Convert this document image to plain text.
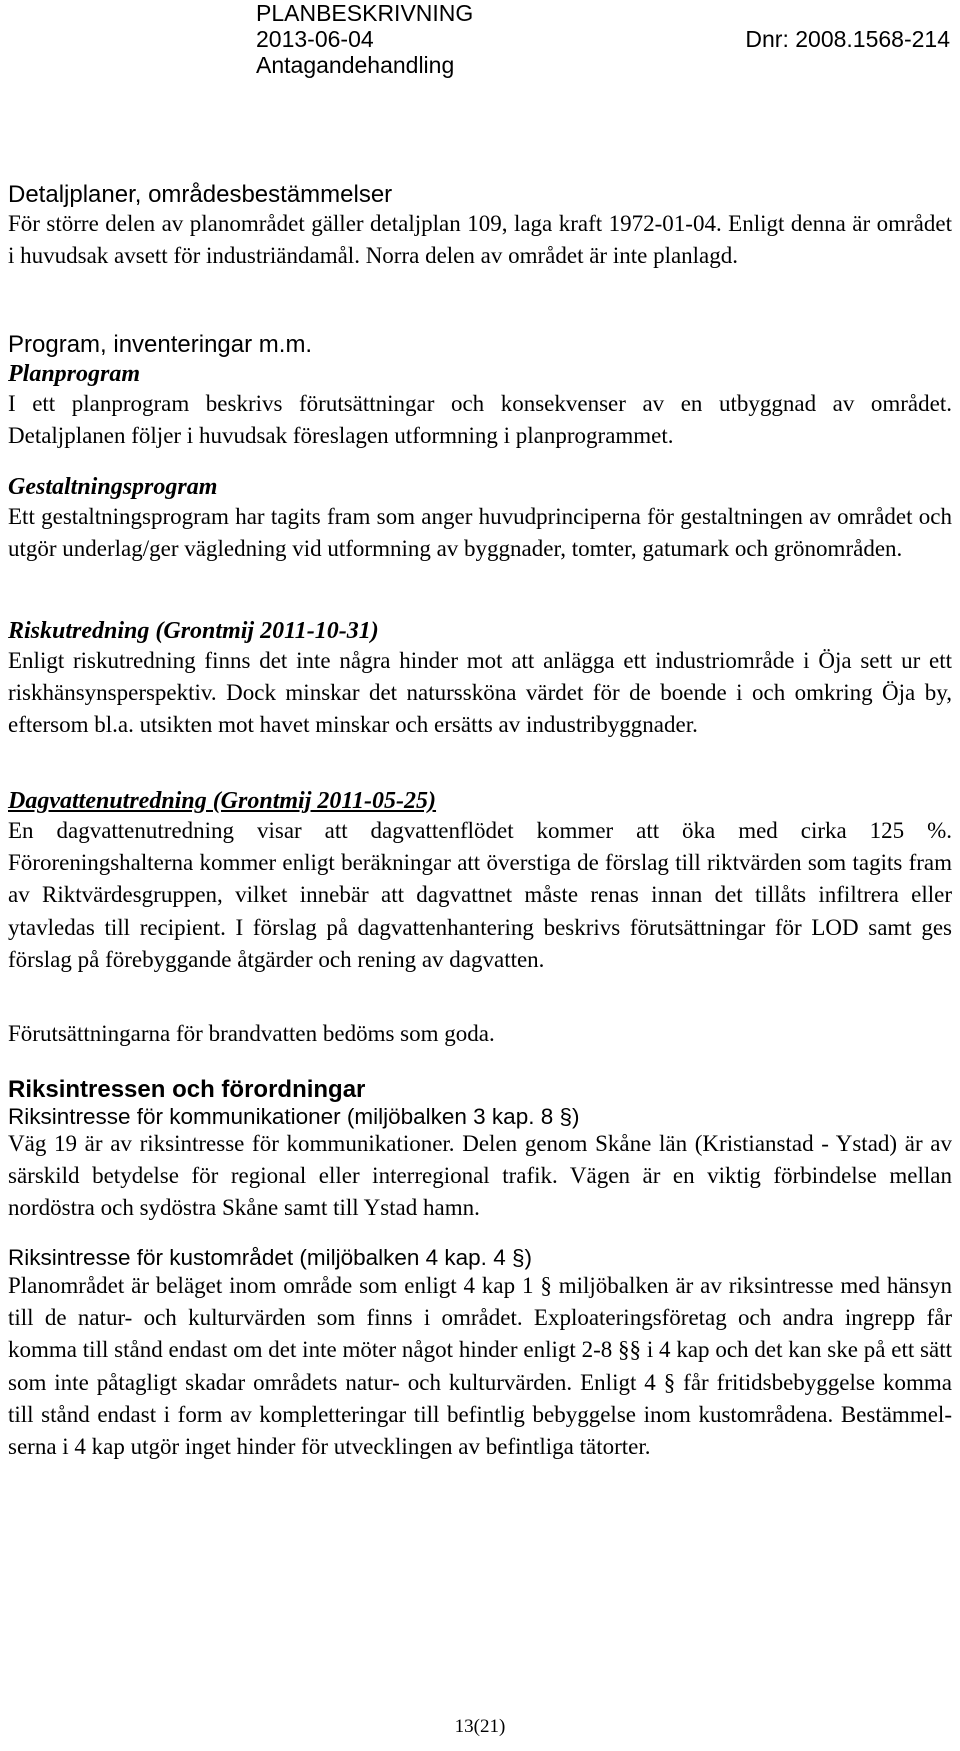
PLANBESKRIVNING
2013-06-04	Dnr: 2008.1568-214
Antagandehandling
Detaljplaner, områdesbestämmelser
För större delen av planområdet gäller detaljplan 109, laga kraft 1972-01-04. Enligt denna är området i huvudsak avsett för industriändamål. Norra delen av området är inte planlagd.
Program, inventeringar m.m.
Planprogram
I ett planprogram beskrivs förutsättningar och konsekvenser av en utbyggnad av området. Detaljplanen följer i huvudsak föreslagen utformning i planprogrammet.
Gestaltningsprogram
Ett gestaltningsprogram har tagits fram som anger huvudprinciperna för gestaltningen av området och utgör underlag/ger vägledning vid utformning av byggnader, tomter, gatumark och grönområden.
Riskutredning (Grontmij 2011-10-31)
Enligt riskutredning finns det inte några hinder mot att anlägga ett industriområde i Öja sett ur ett riskhänsynsperspektiv. Dock minskar det naturssköna värdet för de boende i och omkring Öja by, eftersom bl.a. utsikten mot havet minskar och ersätts av industribyggnader.
Dagvattenutredning (Grontmij 2011-05-25)
En dagvattenutredning visar att dagvattenflödet kommer att öka med cirka 125 %. Föroreningshalterna kommer enligt beräkningar att överstiga de förslag till riktvärden som tagits fram av Riktvärdesgruppen, vilket innebär att dagvattnet måste renas innan det tillåts infiltrera eller ytavledas till recipient. I förslag på dagvattenhantering beskrivs förutsättningar för LOD samt ges förslag på förebyggande åtgärder och rening av dagvatten.
Förutsättningarna för brandvatten bedöms som goda.
Riksintressen och förordningar
Riksintresse för kommunikationer (miljöbalken 3 kap. 8 §)
Väg 19 är av riksintresse för kommunikationer. Delen genom Skåne län (Kristianstad - Ystad) är av särskild betydelse för regional eller interregional trafik. Vägen är en viktig förbindelse mellan nordöstra och sydöstra Skåne samt till Ystad hamn.
Riksintresse för kustområdet (miljöbalken 4 kap. 4 §)
Planområdet är beläget inom område som enligt 4 kap 1 § miljöbalken är av riksintresse med hänsyn till de natur- och kulturvärden som finns i området. Exploateringsföretag och andra ingrepp får komma till stånd endast om det inte möter något hinder enligt 2-8 §§ i 4 kap och det kan ske på ett sätt som inte påtagligt skadar områdets natur- och kulturvärden. Enligt 4 § får fritidsbebyggelse komma till stånd endast i form av kompletteringar till befintlig bebyggelse inom kustområdena. Bestämmelserna i 4 kap utgör inget hinder för utvecklingen av befintliga tätorter.
13(21)
